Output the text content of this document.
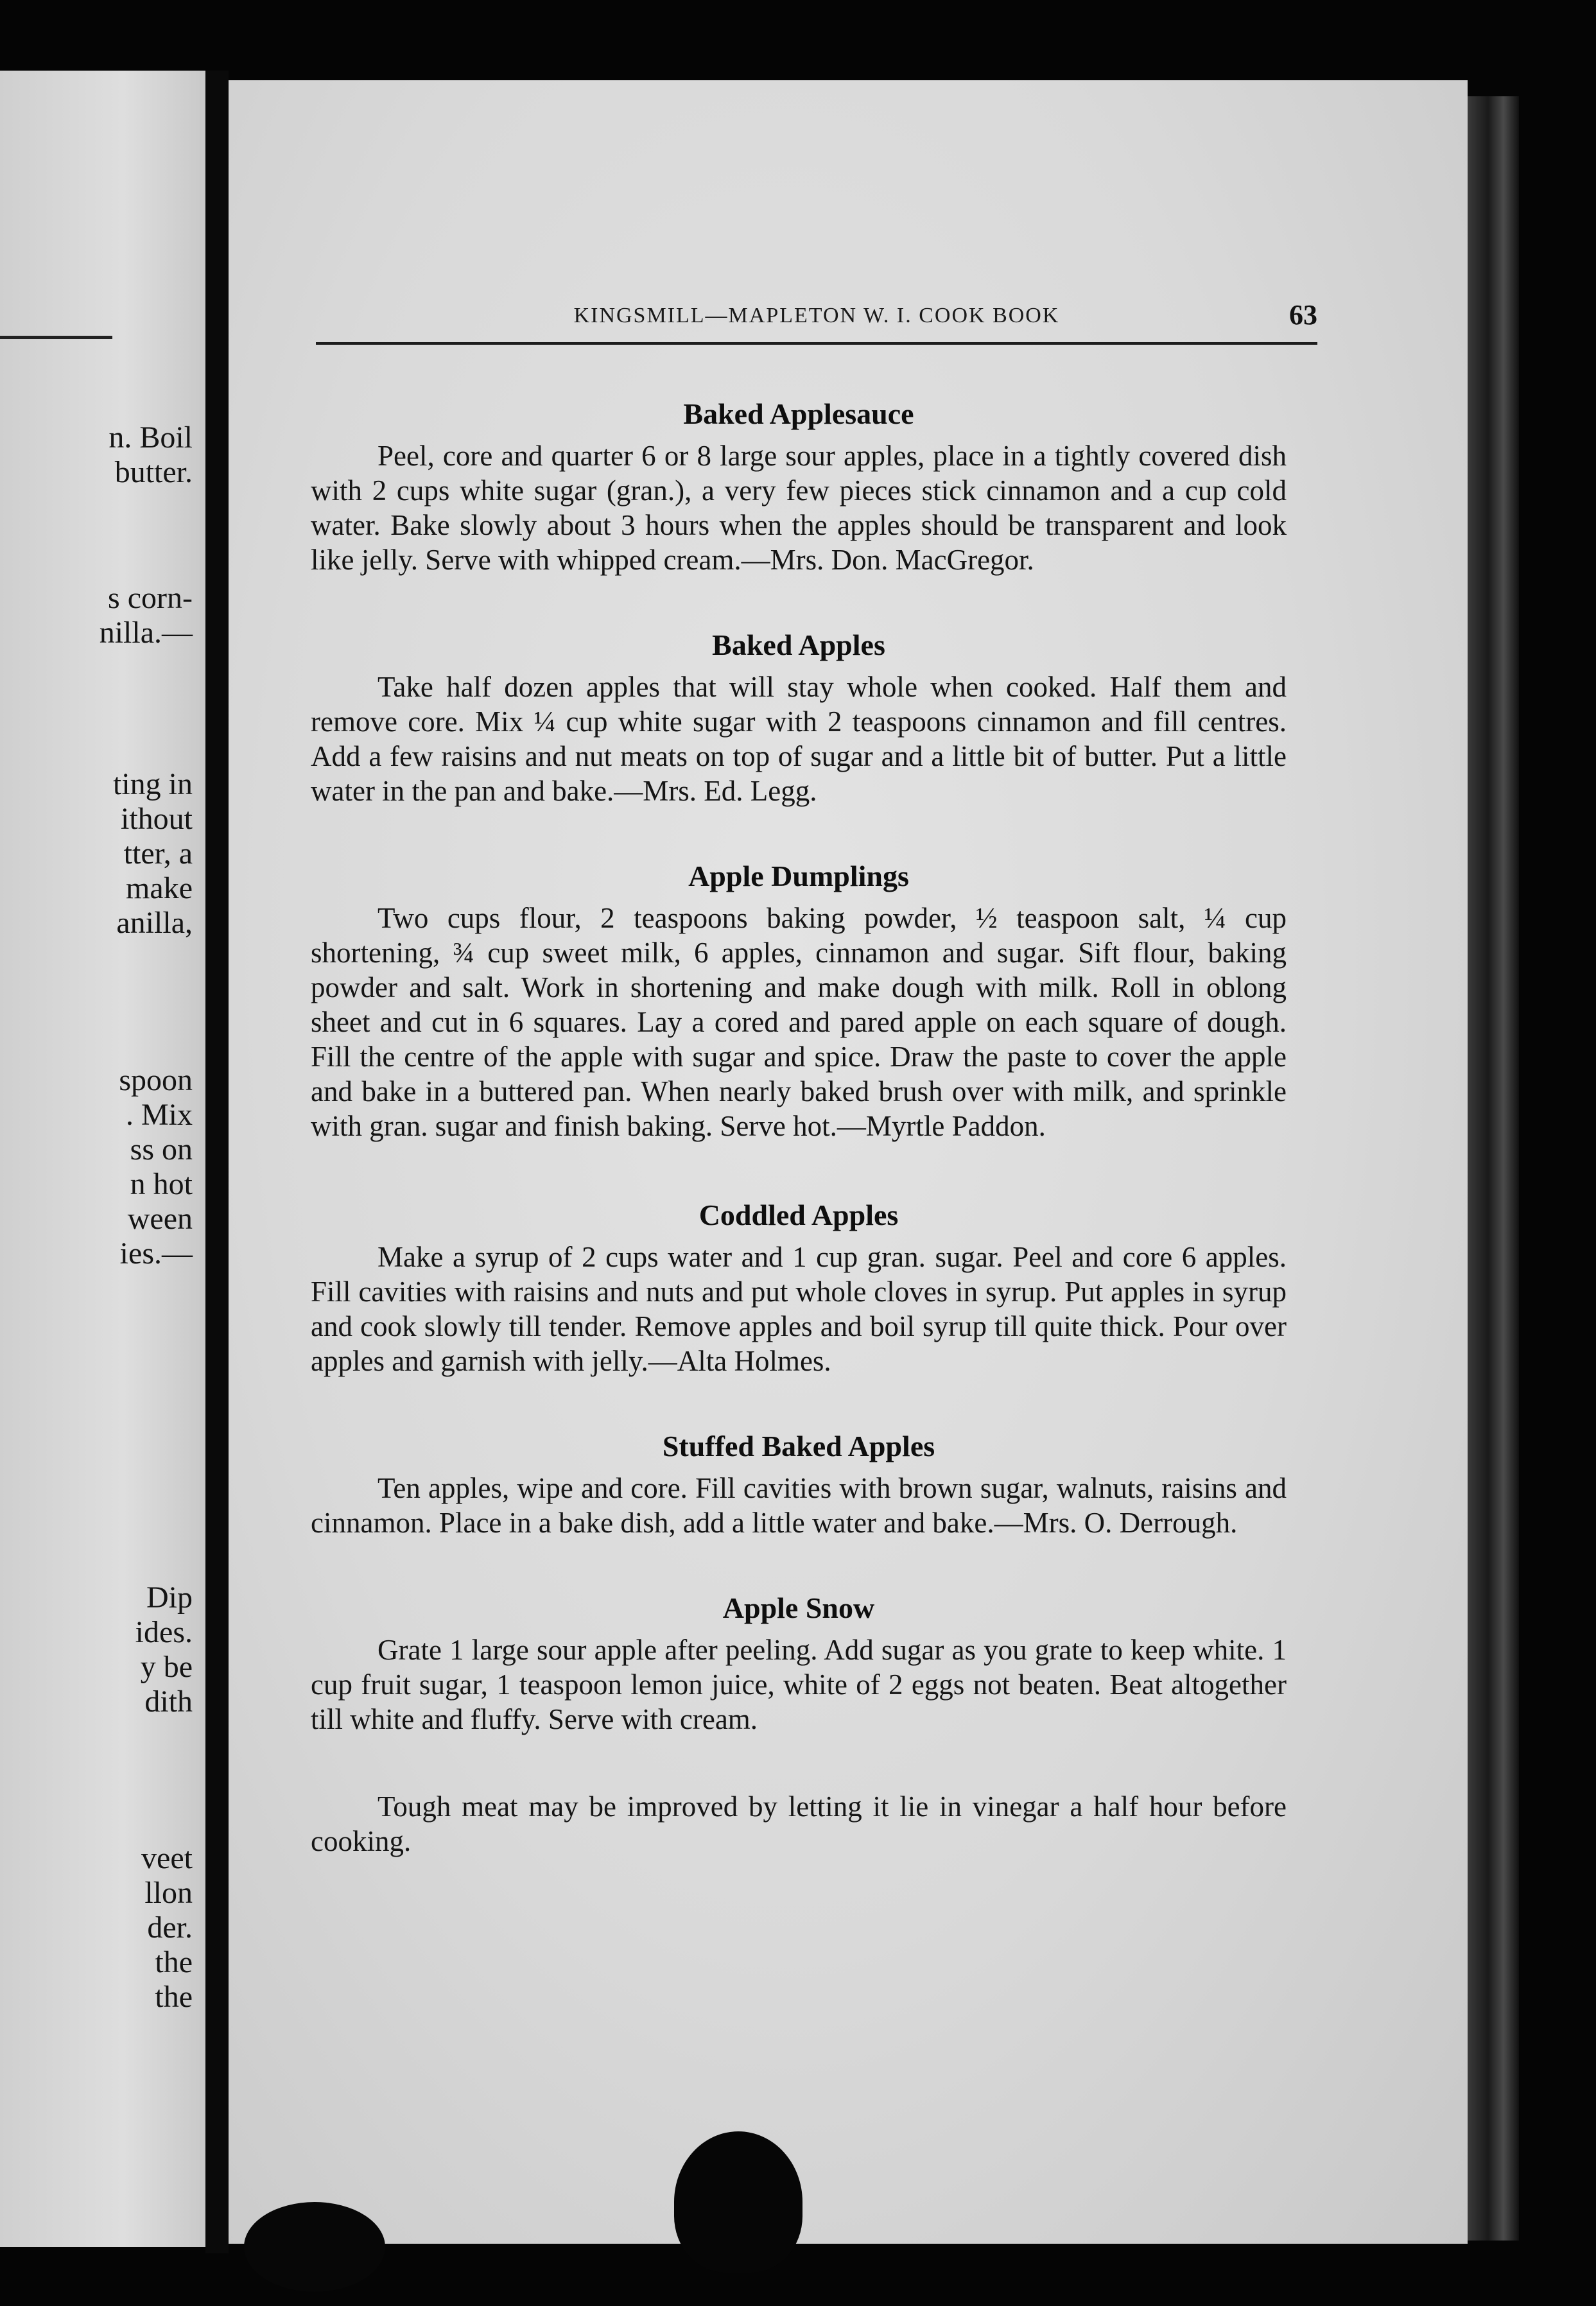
n. Boil
butter.
s corn-
nilla.—
ting in
ithout
tter, a
make
anilla,
spoon
. Mix
ss on
n hot
ween
ies.—
Dip
ides.
y be
dith
veet
llon
der.
the
the
KINGSMILL—MAPLETON W. I. COOK BOOK	63
Baked Applesauce

Peel, core and quarter 6 or 8 large sour apples, place in a tightly covered dish with 2 cups white sugar (gran.), a very few pieces stick cinnamon and a cup cold water. Bake slowly about 3 hours when the apples should be transparent and look like jelly. Serve with whipped cream.—Mrs. Don. MacGregor.

Baked Apples

Take half dozen apples that will stay whole when cooked. Half them and remove core. Mix ¼ cup white sugar with 2 teaspoons cinnamon and fill centres. Add a few raisins and nut meats on top of sugar and a little bit of butter. Put a little water in the pan and bake.—Mrs. Ed. Legg.

Apple Dumplings

Two cups flour, 2 teaspoons baking powder, ½ teaspoon salt, ¼ cup shortening, ¾ cup sweet milk, 6 apples, cinnamon and sugar. Sift flour, baking powder and salt. Work in shortening and make dough with milk. Roll in oblong sheet and cut in 6 squares. Lay a cored and pared apple on each square of dough. Fill the centre of the apple with sugar and spice. Draw the paste to cover the apple and bake in a buttered pan. When nearly baked brush over with milk, and sprinkle with gran. sugar and finish baking. Serve hot.—Myrtle Paddon.

Coddled Apples

Make a syrup of 2 cups water and 1 cup gran. sugar. Peel and core 6 apples. Fill cavities with raisins and nuts and put whole cloves in syrup. Put apples in syrup and cook slowly till tender. Remove apples and boil syrup till quite thick. Pour over apples and garnish with jelly.—Alta Holmes.

Stuffed Baked Apples

Ten apples, wipe and core. Fill cavities with brown sugar, walnuts, raisins and cinnamon. Place in a bake dish, add a little water and bake.—Mrs. O. Derrough.

Apple Snow

Grate 1 large sour apple after peeling. Add sugar as you grate to keep white. 1 cup fruit sugar, 1 teaspoon lemon juice, white of 2 eggs not beaten. Beat altogether till white and fluffy. Serve with cream.

Tough meat may be improved by letting it lie in vinegar a half hour before cooking.
